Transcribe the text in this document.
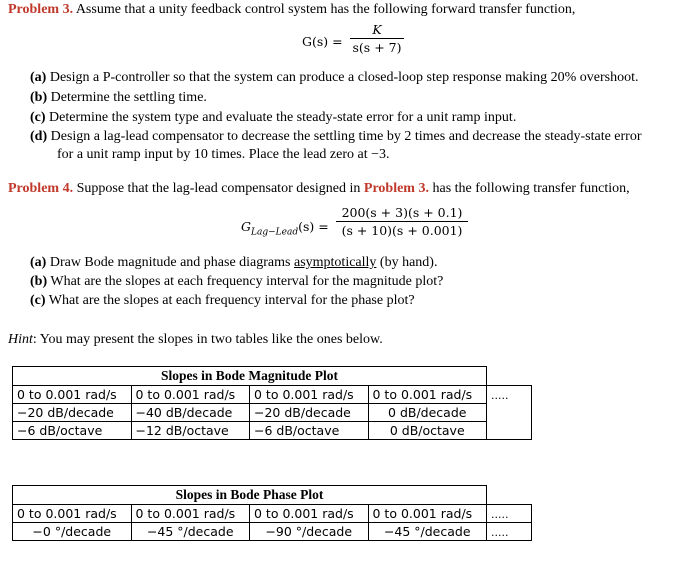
Problem 3. Assume that a unity feedback control system has the following forward transfer function,
$G(s) = \frac{K}{s(s + 7)}$
(a) Design a P-controller so that the system can produce a closed-loop step response making 20% overshoot.
(b) Determine the settling time.
(c) Determine the system type and evaluate the steady-state error for a unit ramp input.
(d) Design a lag-lead compensator to decrease the settling time by 2 times and decrease the steady-state error
for a unit ramp input by 10 times. Place the lead zero at −3.
Problem 4. Suppose that the lag-lead compensator designed in Problem 3. has the following transfer function,
$G_{Lag-Lead}(s) = \frac{200(s + 3)(s + 0.1)}{(s + 10)(s + 0.001)}$
(a) Draw Bode magnitude and phase diagrams asymptotically (by hand).
(b) What are the slopes at each frequency interval for the magnitude plot?
(c) What are the slopes at each frequency interval for the phase plot?
Hint: You may present the slopes in two tables like the ones below.
Slopes in Bode Magnitude Plot				
0 to 0.001 rad/s	0 to 0.001 rad/s	0 to 0.001 rad/s	0 to 0.001 rad/s	.....
−20 dB/decade	−40 dB/decade	−20 dB/decade	0 dB/decade	
−6 dB/octave	−12 dB/octave	−6 dB/octave	0 dB/octave	
Slopes in Bode Phase Plot				
0 to 0.001 rad/s	0 to 0.001 rad/s	0 to 0.001 rad/s	0 to 0.001 rad/s	.....
−0 °/decade	−45 °/decade	−90 °/decade	−45 °/decade	.....
